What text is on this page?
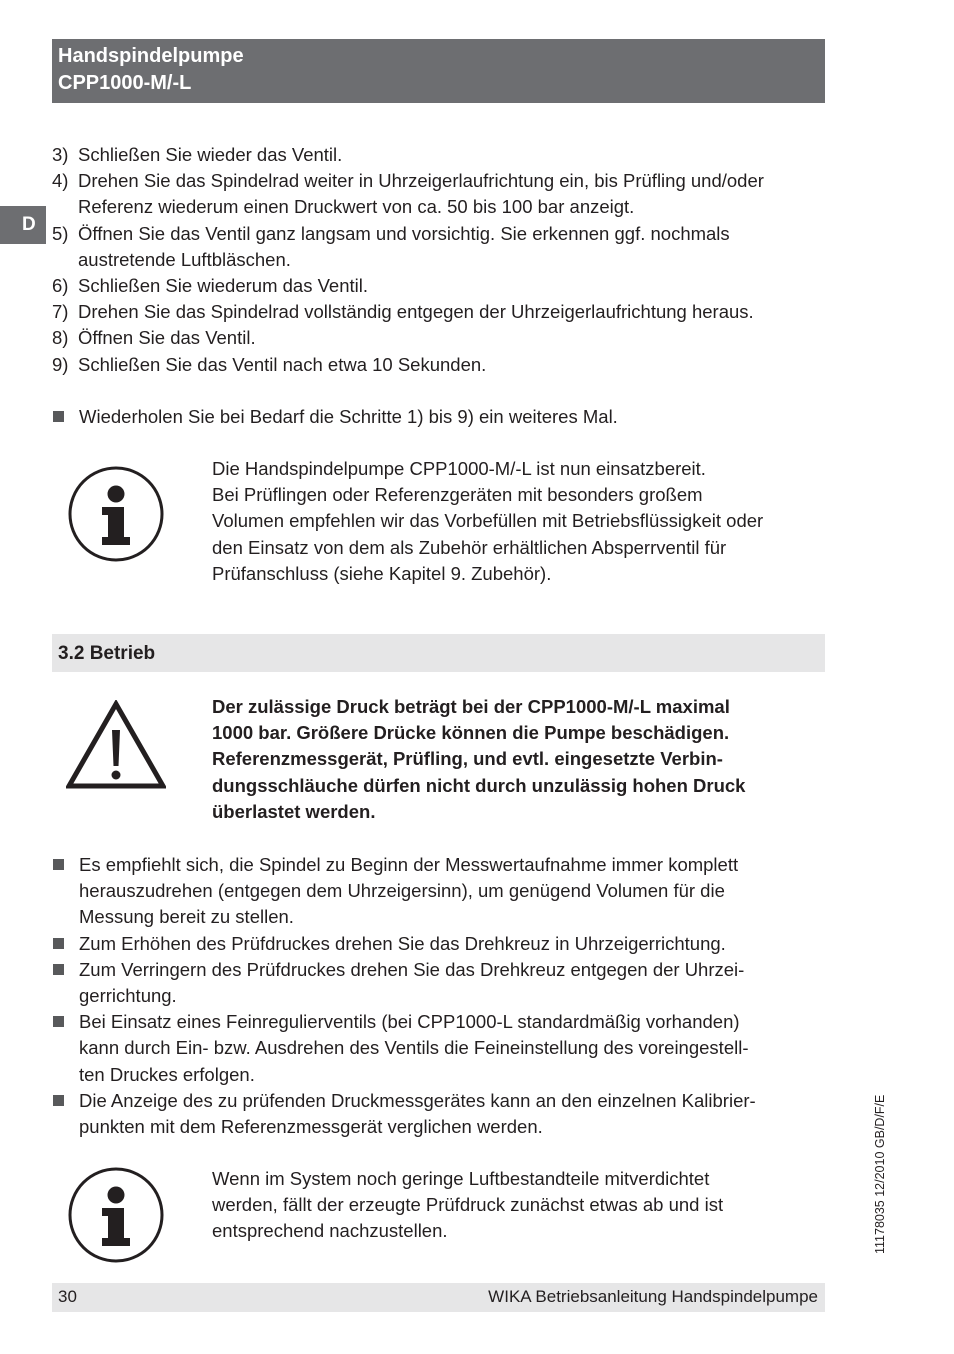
Handspindelpumpe
CPP1000-M/-L
D
3) Schließen Sie wieder das Ventil.
4) Drehen Sie das Spindelrad weiter in Uhrzeigerlaufrichtung ein, bis Prüfling und/oder
Referenz wiederum einen Druckwert von ca. 50 bis 100 bar anzeigt.
5) Öffnen Sie das Ventil ganz langsam und vorsichtig. Sie erkennen ggf. nochmals
austretende Luftbläschen.
6) Schließen Sie wiederum das Ventil.
7) Drehen Sie das Spindelrad vollständig entgegen der Uhrzeigerlaufrichtung heraus.
8) Öffnen Sie das Ventil.
9) Schließen Sie das Ventil nach etwa 10 Sekunden.
Wiederholen Sie bei Bedarf die Schritte 1) bis 9) ein weiteres Mal.
Die Handspindelpumpe CPP1000-M/-L ist nun einsatzbereit.
Bei Prüflingen oder Referenzgeräten mit besonders großem
Volumen empfehlen wir das Vorbefüllen mit Betriebsflüssigkeit oder
den Einsatz von dem als Zubehör erhältlichen Absperrventil für
Prüfanschluss (siehe Kapitel 9. Zubehör).
3.2 Betrieb
Der zulässige Druck beträgt bei der CPP1000-M/-L maximal
1000 bar. Größere Drücke können die Pumpe beschädigen.
Referenzmessgerät, Prüfling, und evtl. eingesetzte Verbin-
dungsschläuche dürfen nicht durch unzulässig hohen Druck
überlastet werden.
Es empfiehlt sich, die Spindel zu Beginn der Messwertaufnahme immer komplett
herauszudrehen (entgegen dem Uhrzeigersinn), um genügend Volumen für die
Messung bereit zu stellen.
Zum Erhöhen des Prüfdruckes drehen Sie das Drehkreuz in Uhrzeigerrichtung.
Zum Verringern des Prüfdruckes drehen Sie das Drehkreuz entgegen der Uhrzei-
gerrichtung.
Bei Einsatz eines Feinregulierventils (bei CPP1000-L standardmäßig vorhanden)
kann durch Ein- bzw. Ausdrehen des Ventils die Feineinstellung des voreingestell-
ten Druckes erfolgen.
Die Anzeige des zu prüfenden Druckmessgerätes kann an den einzelnen Kalibrier-
punkten mit dem Referenzmessgerät verglichen werden.
Wenn im System noch geringe Luftbestandteile mitverdichtet
werden, fällt der erzeugte Prüfdruck zunächst etwas ab und ist
entsprechend nachzustellen.	11178035 12/2010 GB/D/F/E
30	WIKA Betriebsanleitung Handspindelpumpe
